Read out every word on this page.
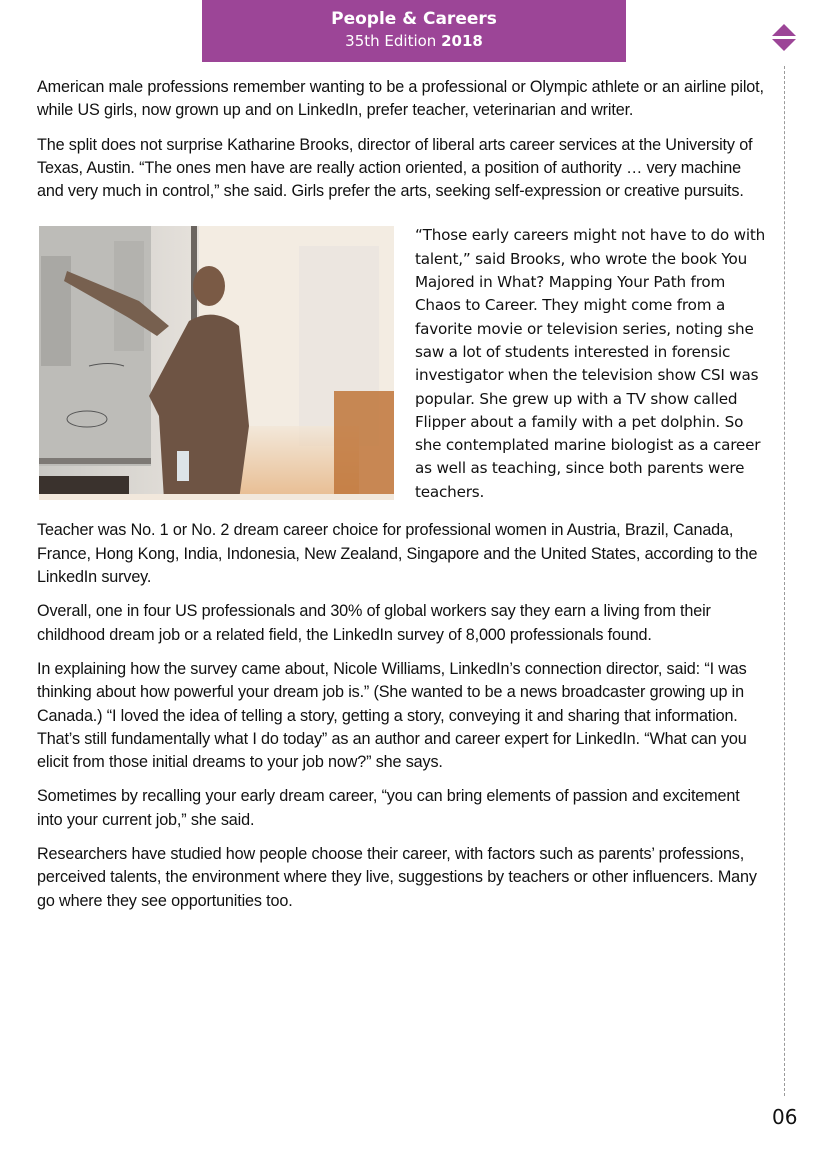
People & Careers
35th Edition 2018

American male professions remember wanting to be a professional or Olympic athlete or an airline pilot, while US girls, now grown up and on LinkedIn, prefer teacher, veterinarian and writer.

The split does not surprise Katharine Brooks, director of liberal arts career services at the University of Texas, Austin. “The ones men have are really action oriented, a position of authority … very machine and very much in control,” she said. Girls prefer the arts, seeking self-expression or creative pursuits.

“Those early careers might not have to do with talent,” said Brooks, who wrote the book You Majored in What? Mapping Your Path from Chaos to Career. They might come from a favorite movie or television series, noting she saw a lot of students interested in forensic investigator when the television show CSI was popular. She grew up with a TV show called Flipper about a family with a pet dolphin. So she contemplated marine biologist as a career as well as teaching, since both parents were teachers.

Teacher was No. 1 or No. 2 dream career choice for professional women in Austria, Brazil, Canada, France, Hong Kong, India, Indonesia, New Zealand, Singapore and the United States, according to the LinkedIn survey.

Overall, one in four US professionals and 30% of global workers say they earn a living from their childhood dream job or a related field, the LinkedIn survey of 8,000 professionals found.

In explaining how the survey came about, Nicole Williams, LinkedIn’s connection director, said: “I was thinking about how powerful your dream job is.” (She wanted to be a news broadcaster growing up in Canada.) “I loved the idea of telling a story, getting a story, conveying it and sharing that information. That’s still fundamentally what I do today” as an author and career expert for LinkedIn. “What can you elicit from those initial dreams to your job now?” she says.

Sometimes by recalling your early dream career, “you can bring elements of passion and excitement into your current job,” she said.

Researchers have studied how people choose their career, with factors such as parents’ professions, perceived talents, the environment where they live, suggestions by teachers or other influencers. Many go where they see opportunities too.

06
